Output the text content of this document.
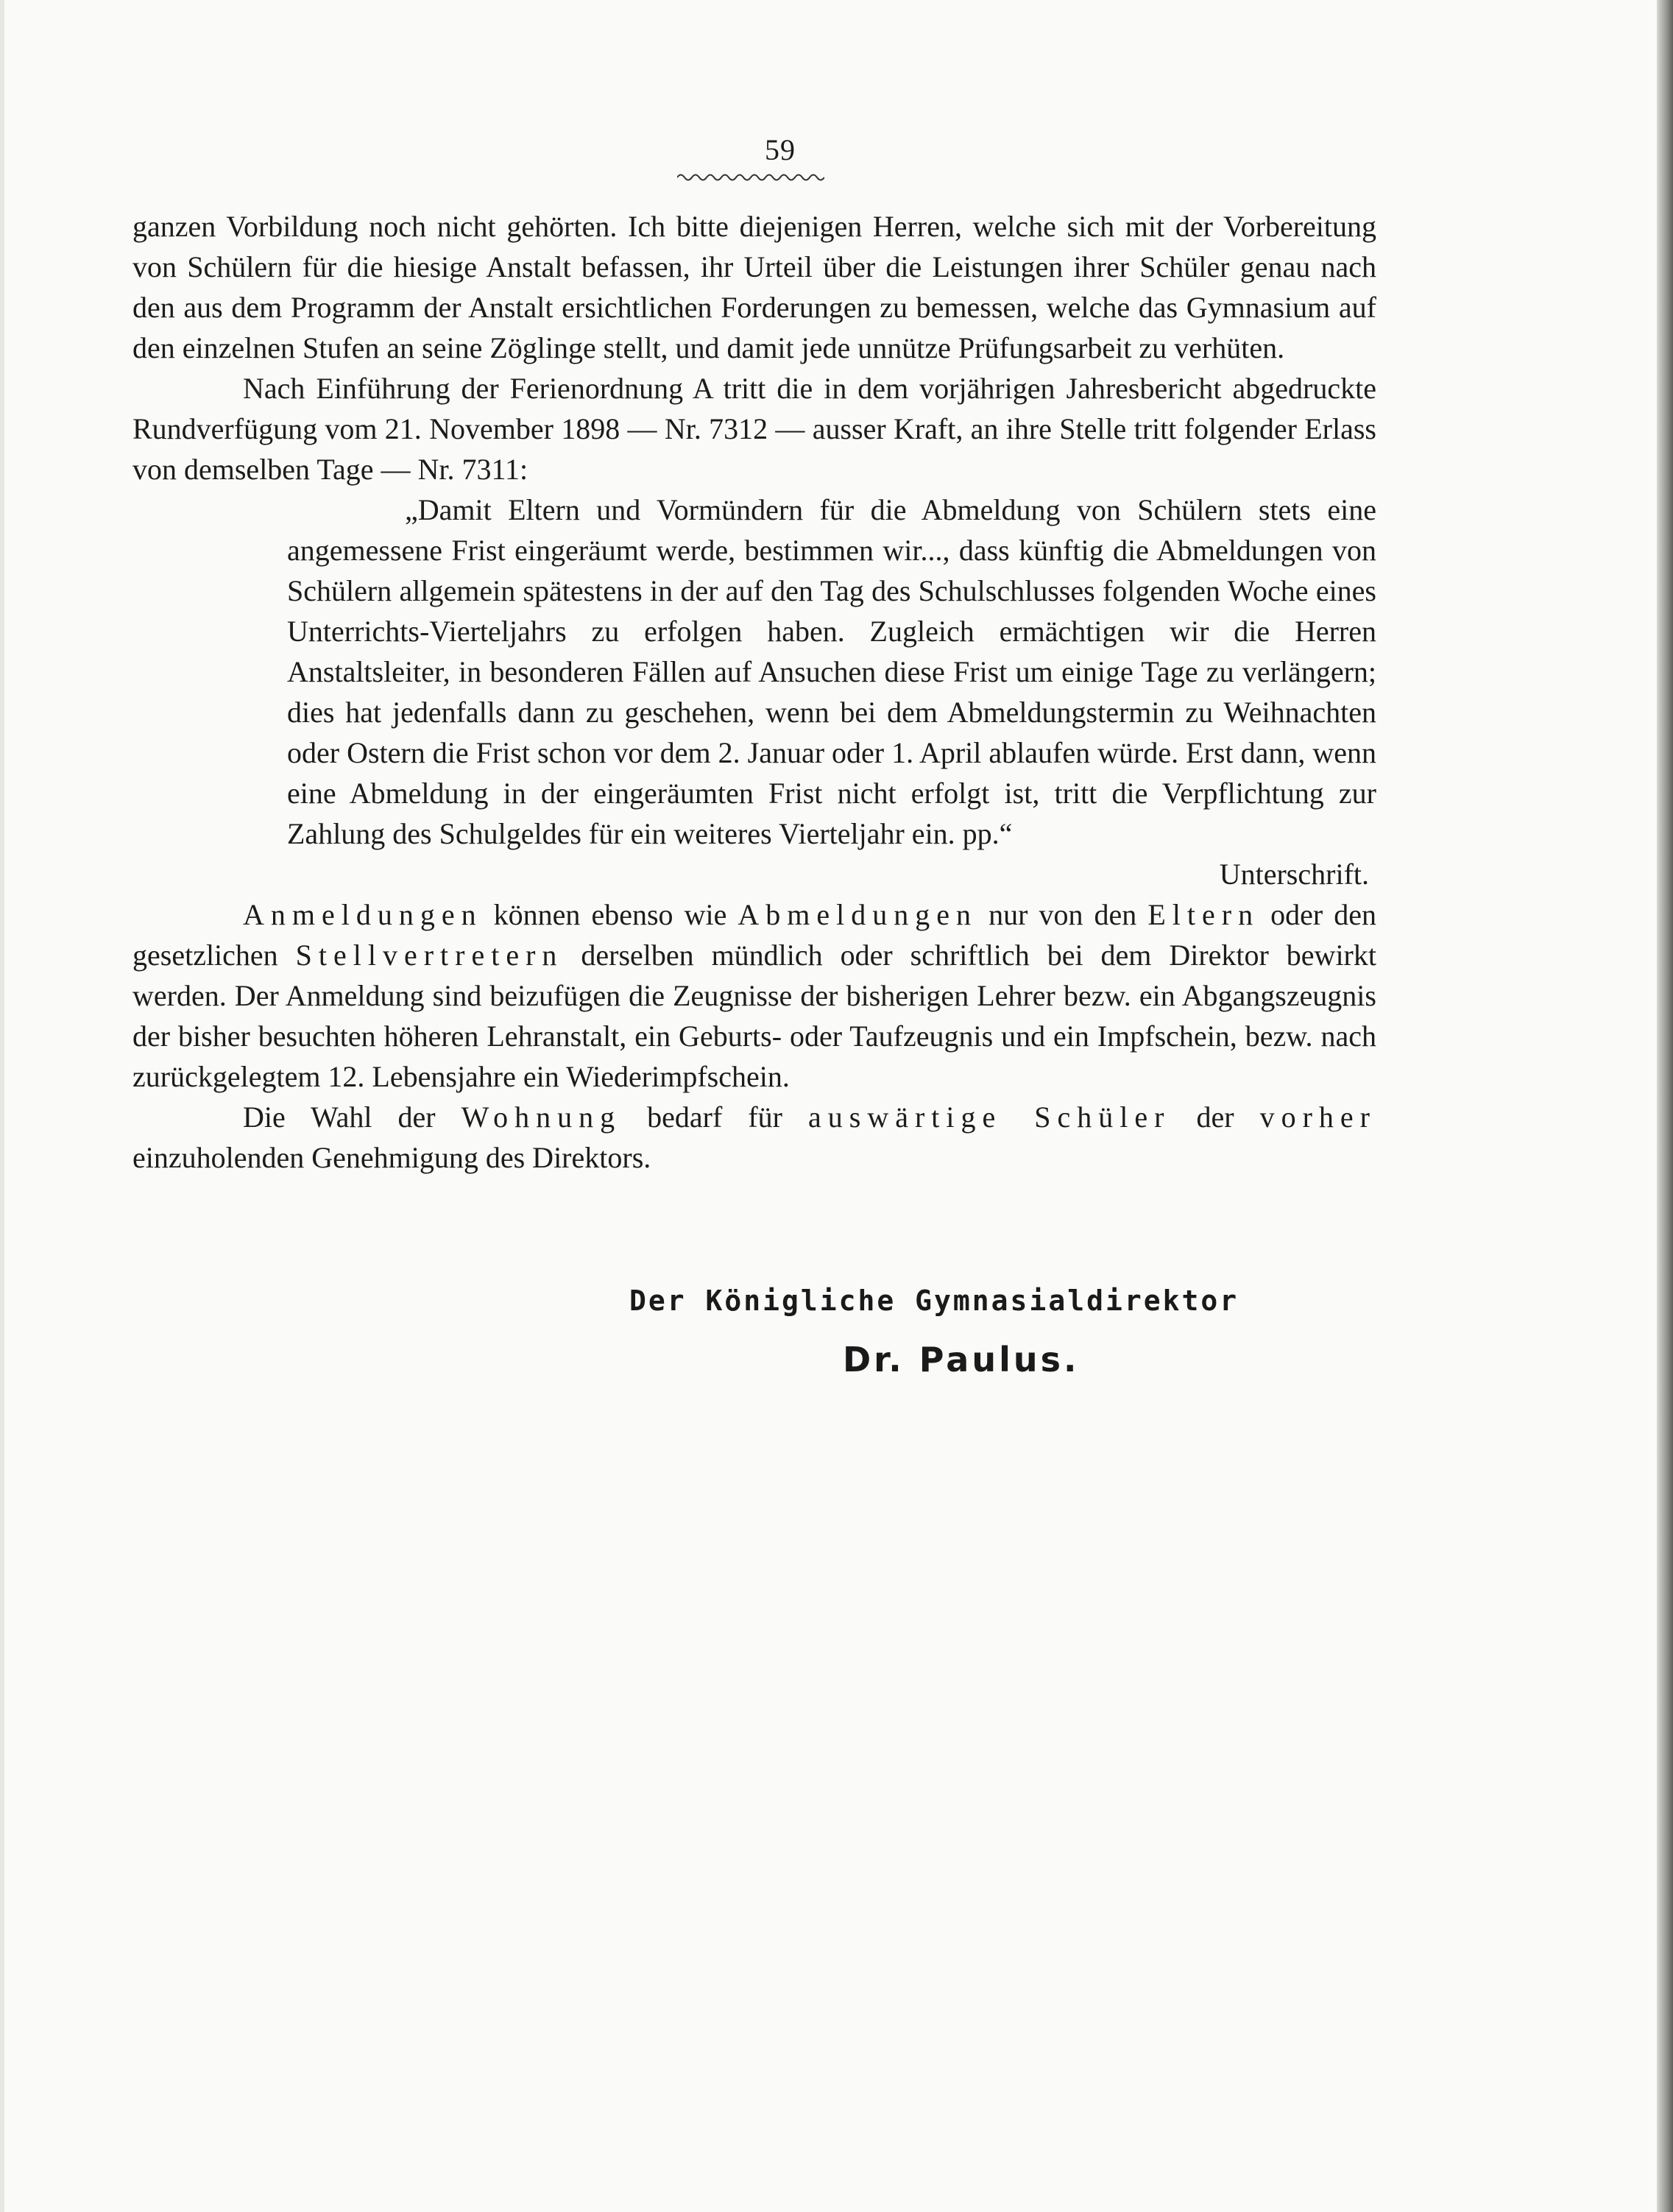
59

ganzen Vorbildung noch nicht gehörten. Ich bitte diejenigen Herren, welche sich mit der Vorbereitung von Schülern für die hiesige Anstalt befassen, ihr Urteil über die Leistungen ihrer Schüler genau nach den aus dem Programm der Anstalt ersichtlichen Forderungen zu bemessen, welche das Gymnasium auf den einzelnen Stufen an seine Zöglinge stellt, und damit jede unnütze Prüfungsarbeit zu verhüten.

Nach Einführung der Ferienordnung A tritt die in dem vorjährigen Jahresbericht abgedruckte Rundverfügung vom 21. November 1898 — Nr. 7312 — ausser Kraft, an ihre Stelle tritt folgender Erlass von demselben Tage — Nr. 7311:

„Damit Eltern und Vormündern für die Abmeldung von Schülern stets eine angemessene Frist eingeräumt werde, bestimmen wir..., dass künftig die Abmeldungen von Schülern allgemein spätestens in der auf den Tag des Schulschlusses folgenden Woche eines Unterrichts-Vierteljahrs zu erfolgen haben. Zugleich ermächtigen wir die Herren Anstaltsleiter, in besonderen Fällen auf Ansuchen diese Frist um einige Tage zu verlängern; dies hat jedenfalls dann zu geschehen, wenn bei dem Abmeldungstermin zu Weihnachten oder Ostern die Frist schon vor dem 2. Januar oder 1. April ablaufen würde. Erst dann, wenn eine Abmeldung in der eingeräumten Frist nicht erfolgt ist, tritt die Verpflichtung zur Zahlung des Schulgeldes für ein weiteres Vierteljahr ein. pp.“

Unterschrift.

Anmeldungen können ebenso wie Abmeldungen nur von den Eltern oder den gesetzlichen Stellvertretern derselben mündlich oder schriftlich bei dem Direktor bewirkt werden. Der Anmeldung sind beizufügen die Zeugnisse der bisherigen Lehrer bezw. ein Abgangszeugnis der bisher besuchten höheren Lehranstalt, ein Geburts- oder Taufzeugnis und ein Impfschein, bezw. nach zurückgelegtem 12. Lebensjahre ein Wiederimpfschein.

Die Wahl der Wohnung bedarf für auswärtige Schüler der vorher einzuholenden Genehmigung des Direktors.

Der Königliche Gymnasialdirektor
Dr. Paulus.
